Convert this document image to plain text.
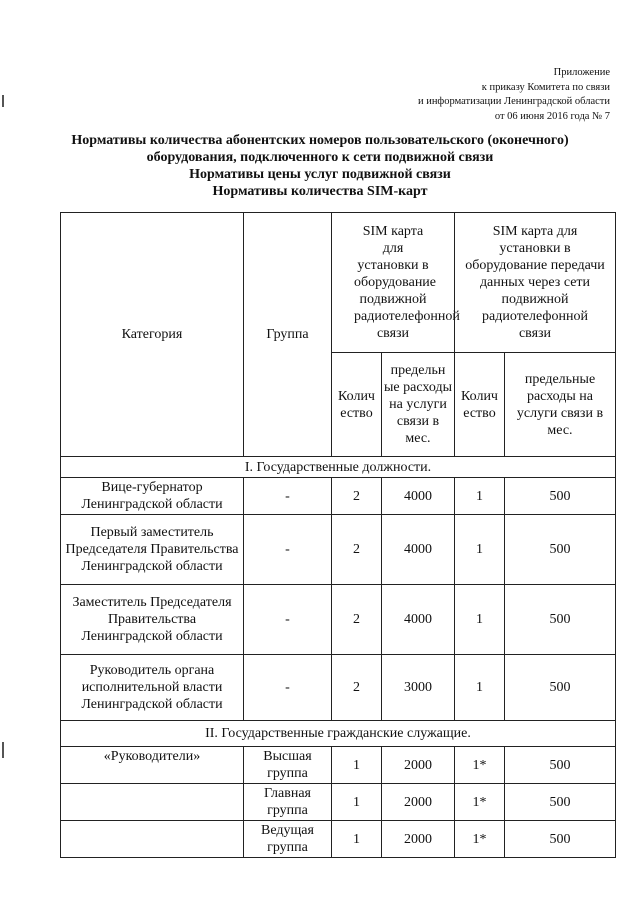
Приложение
к приказу Комитета по связи
и информатизации Ленинградской области
от 06 июня 2016 года № 7
Нормативы количества абонентских номеров пользовательского (оконечного)
оборудования, подключенного к сети подвижной связи
Нормативы цены услуг подвижной связи
Нормативы количества SIM-карт
Категория	Группа	SIM карта для установки в оборудование подвижной радиотелефонной связи		SIM карта для установки в оборудование передачи данных через сети подвижной радиотелефонной связи	
		Колич ество	предельн ые расходы на услуги связи в мес.	Колич ество	предельные расходы на услуги связи в мес.
I. Государственные должности.					
Вице-губернатор Ленинградской области	-	2	4000	1	500
Первый заместитель Председателя Правительства Ленинградской области	-	2	4000	1	500
Заместитель Председателя Правительства Ленинградской области	-	2	4000	1	500
Руководитель органа исполнительной власти Ленинградской области	-	2	3000	1	500
II. Государственные гражданские служащие.					
«Руководители»	Высшая группа	1	2000	1*	500
	Главная группа	1	2000	1*	500
	Ведущая группа	1	2000	1*	500
